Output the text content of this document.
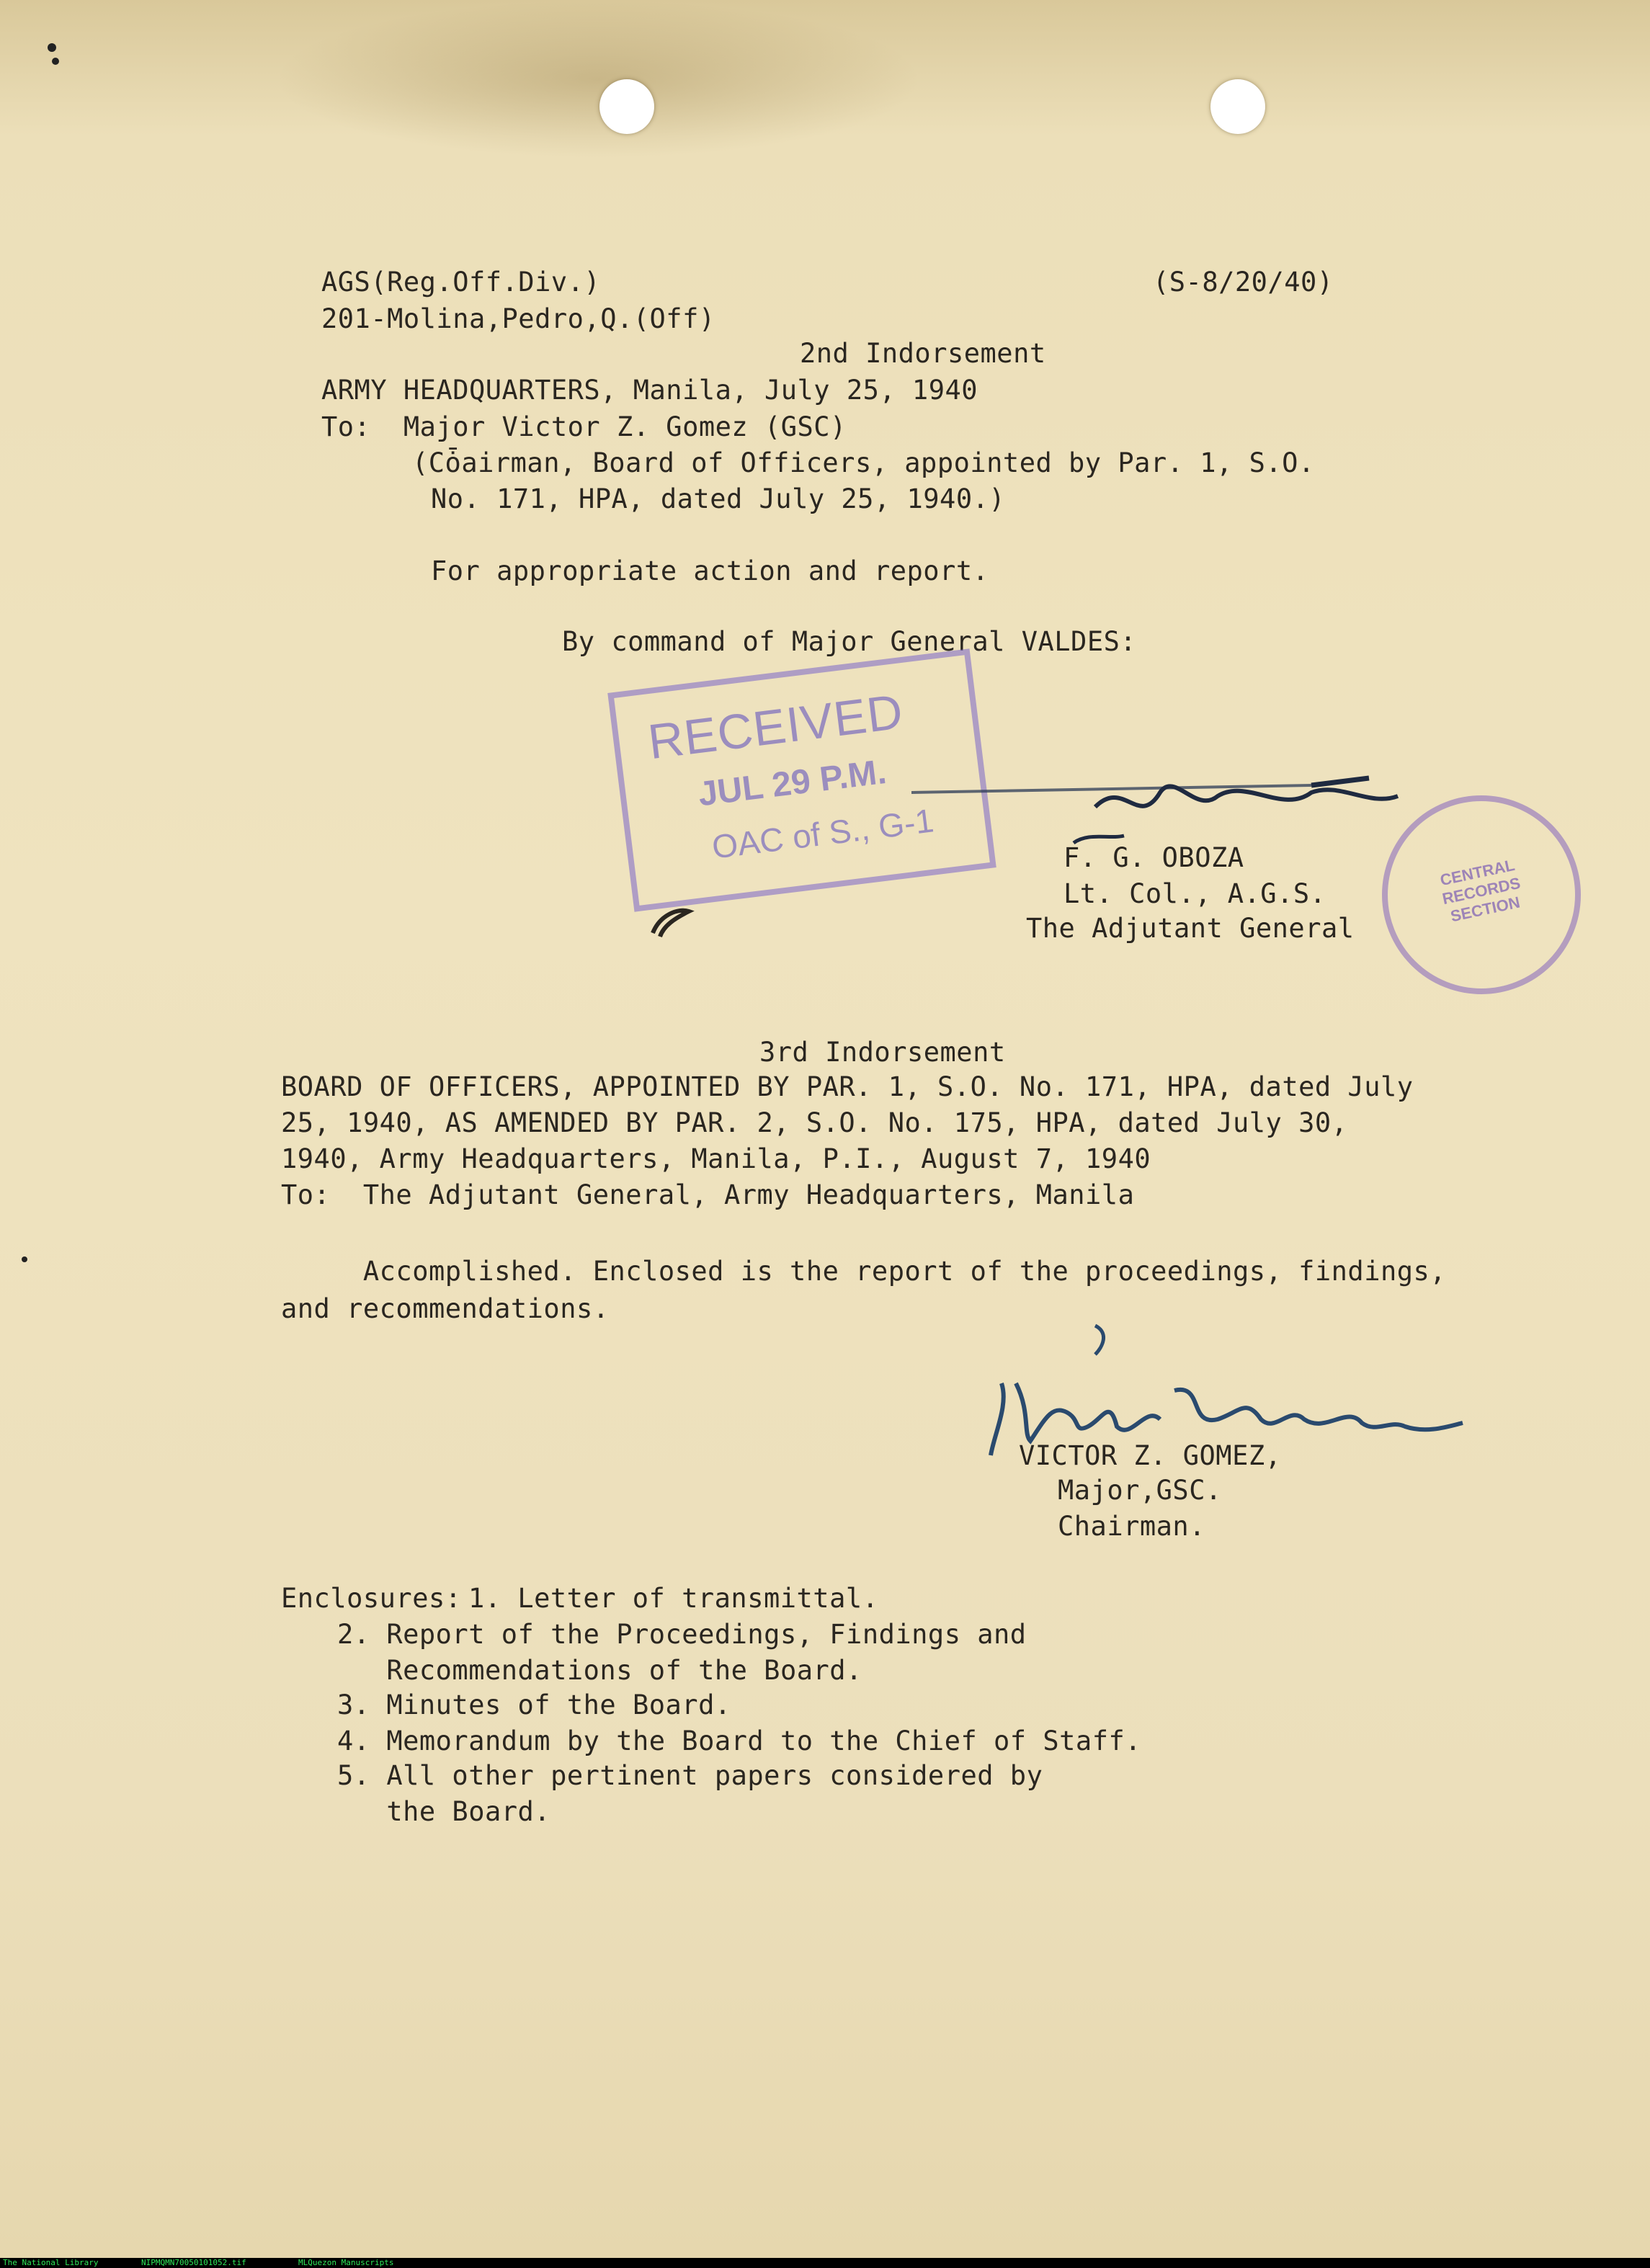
AGS(Reg.Off.Div.)	(S-8/20/40)
201-Molina,Pedro,Q.(Off)
2nd Indorsement
ARMY HEADQUARTERS, Manila, July 25, 1940
To:  Major Victor Z. Gomez (GSC)
(Cȱairman, Board of Officers, appointed by Par. 1, S.O.
No. 171, HPA, dated July 25, 1940.)
For appropriate action and report.
By command of Major General VALDES:
RECEIVED
JUL 29 P.M.
OAC of S., G-1	F. G. OBOZA
Lt. Col., A.G.S.
The Adjutant General
CENTRAL RECORDS SECTION
3rd Indorsement
BOARD OF OFFICERS, APPOINTED BY PAR. 1, S.O. No. 171, HPA, dated July
25, 1940, AS AMENDED BY PAR. 2, S.O. No. 175, HPA, dated July 30,
1940, Army Headquarters, Manila, P.I., August 7, 1940
To:  The Adjutant General, Army Headquarters, Manila
Accomplished. Enclosed is the report of the proceedings, findings,
and recommendations.
VICTOR Z. GOMEZ,
Major,GSC.
Chairman.
Enclosures: 1. Letter of transmittal.
2. Report of the Proceedings, Findings and
Recommendations of the Board.
3. Minutes of the Board.
4. Memorandum by the Board to the Chief of Staff.
5. All other pertinent papers considered by
the Board.
The National Library	NIPMQMN70050101052.tif	MLQuezon Manuscripts
